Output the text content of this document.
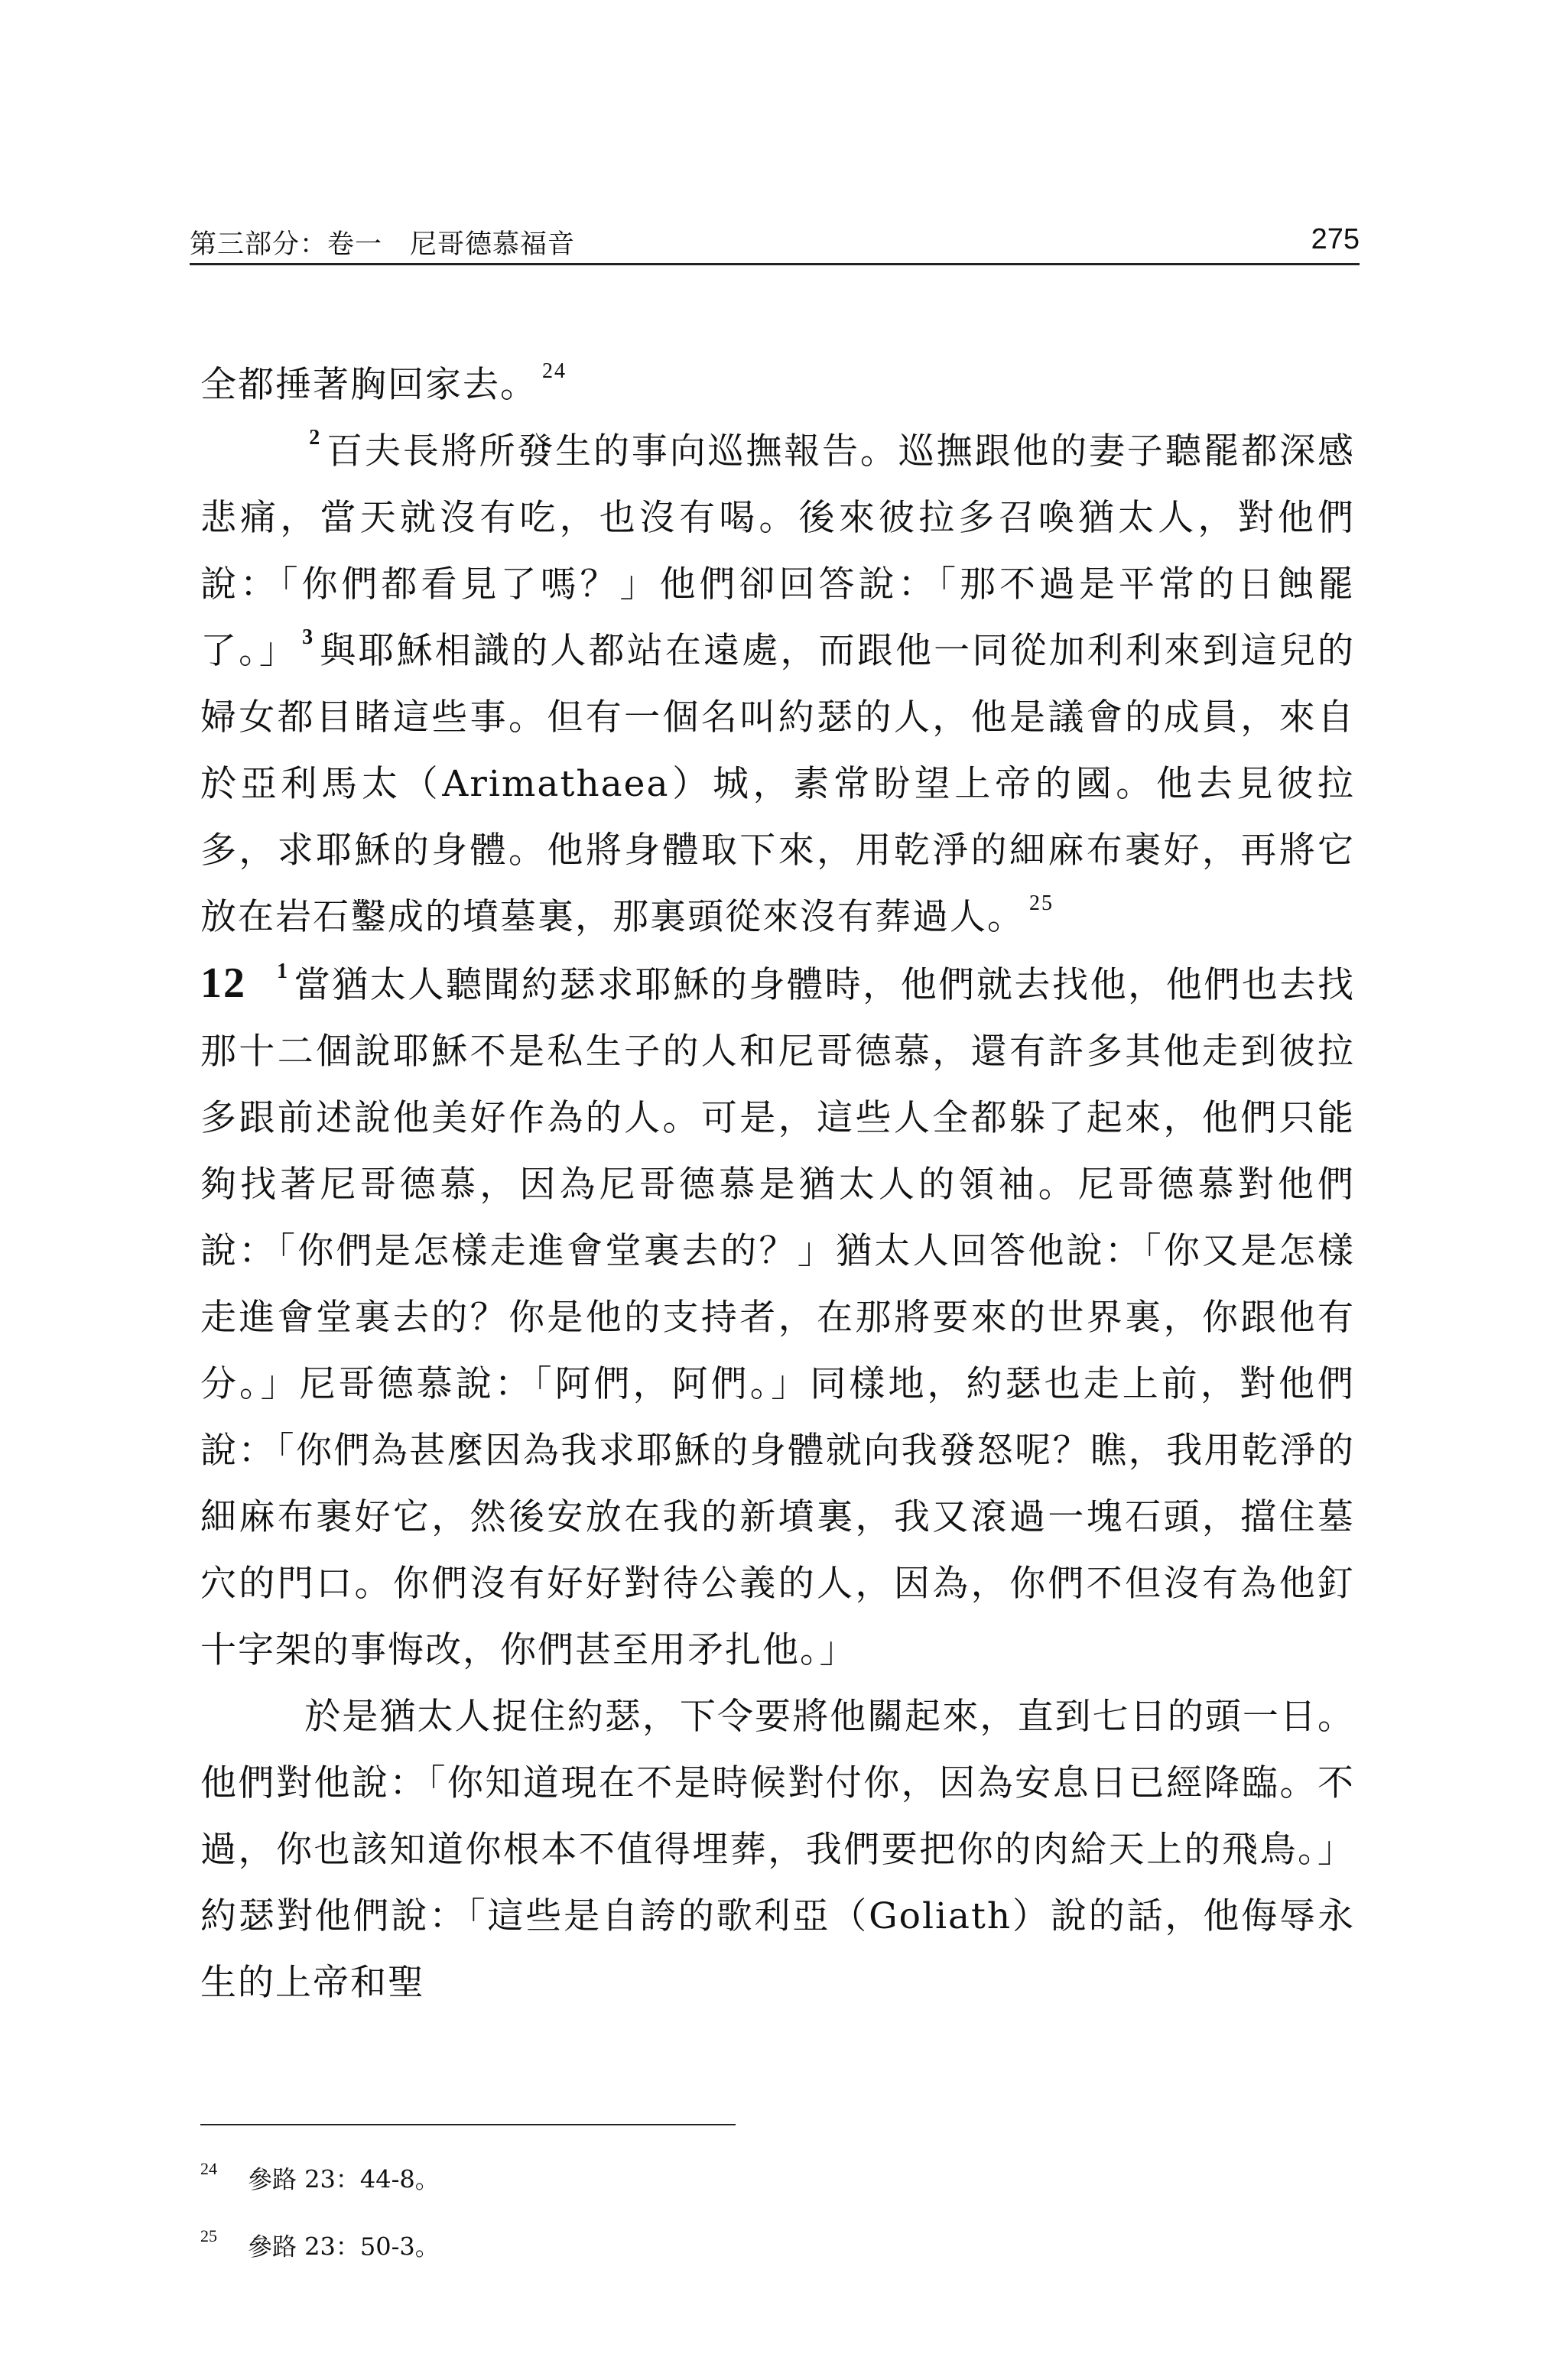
第三部分：卷一　尼哥德慕福音	275

全都捶著胸回家去。 $^{24}$

$^2$ 百夫長將所發生的事向巡撫報告。巡撫跟他的妻子聽罷都深感悲痛，當天就沒有吃，也沒有喝。後來彼拉多召喚猶太人，對他們說：「你們都看見了嗎？」他們卻回答說：「那不過是平常的日蝕罷了。」 $^3$ 與耶穌相識的人都站在遠處，而跟他一同從加利利來到這兒的婦女都目睹這些事。但有一個名叫約瑟的人，他是議會的成員，來自於亞利馬太（Arimathaea）城，素常盼望上帝的國。他去見彼拉多，求耶穌的身體。他將身體取下來，用乾淨的細麻布裹好，再將它放在岩石鑿成的墳墓裏，那裏頭從來沒有葬過人。 $^{25}$

12 $^1$ 當猶太人聽聞約瑟求耶穌的身體時，他們就去找他，他們也去找那十二個說耶穌不是私生子的人和尼哥德慕，還有許多其他走到彼拉多跟前述說他美好作為的人。可是，這些人全都躲了起來，他們只能夠找著尼哥德慕，因為尼哥德慕是猶太人的領袖。尼哥德慕對他們說：「你們是怎樣走進會堂裏去的？」猶太人回答他說：「你又是怎樣走進會堂裏去的？你是他的支持者，在那將要來的世界裏，你跟他有分。」尼哥德慕說：「阿們，阿們。」同樣地，約瑟也走上前，對他們說：「你們為甚麼因為我求耶穌的身體就向我發怒呢？瞧，我用乾淨的細麻布裹好它，然後安放在我的新墳裏，我又滾過一塊石頭，擋住墓穴的門口。你們沒有好好對待公義的人，因為，你們不但沒有為他釘十字架的事悔改，你們甚至用矛扎他。」

於是猶太人捉住約瑟，下令要將他關起來，直到七日的頭一日。他們對他說：「你知道現在不是時候對付你，因為安息日已經降臨。不過，你也該知道你根本不值得埋葬，我們要把你的肉給天上的飛鳥。」約瑟對他們說：「這些是自誇的歌利亞（Goliath）說的話，他侮辱永生的上帝和聖

$^{24}$ 參路 23：44-8。
$^{25}$ 參路 23：50-3。
